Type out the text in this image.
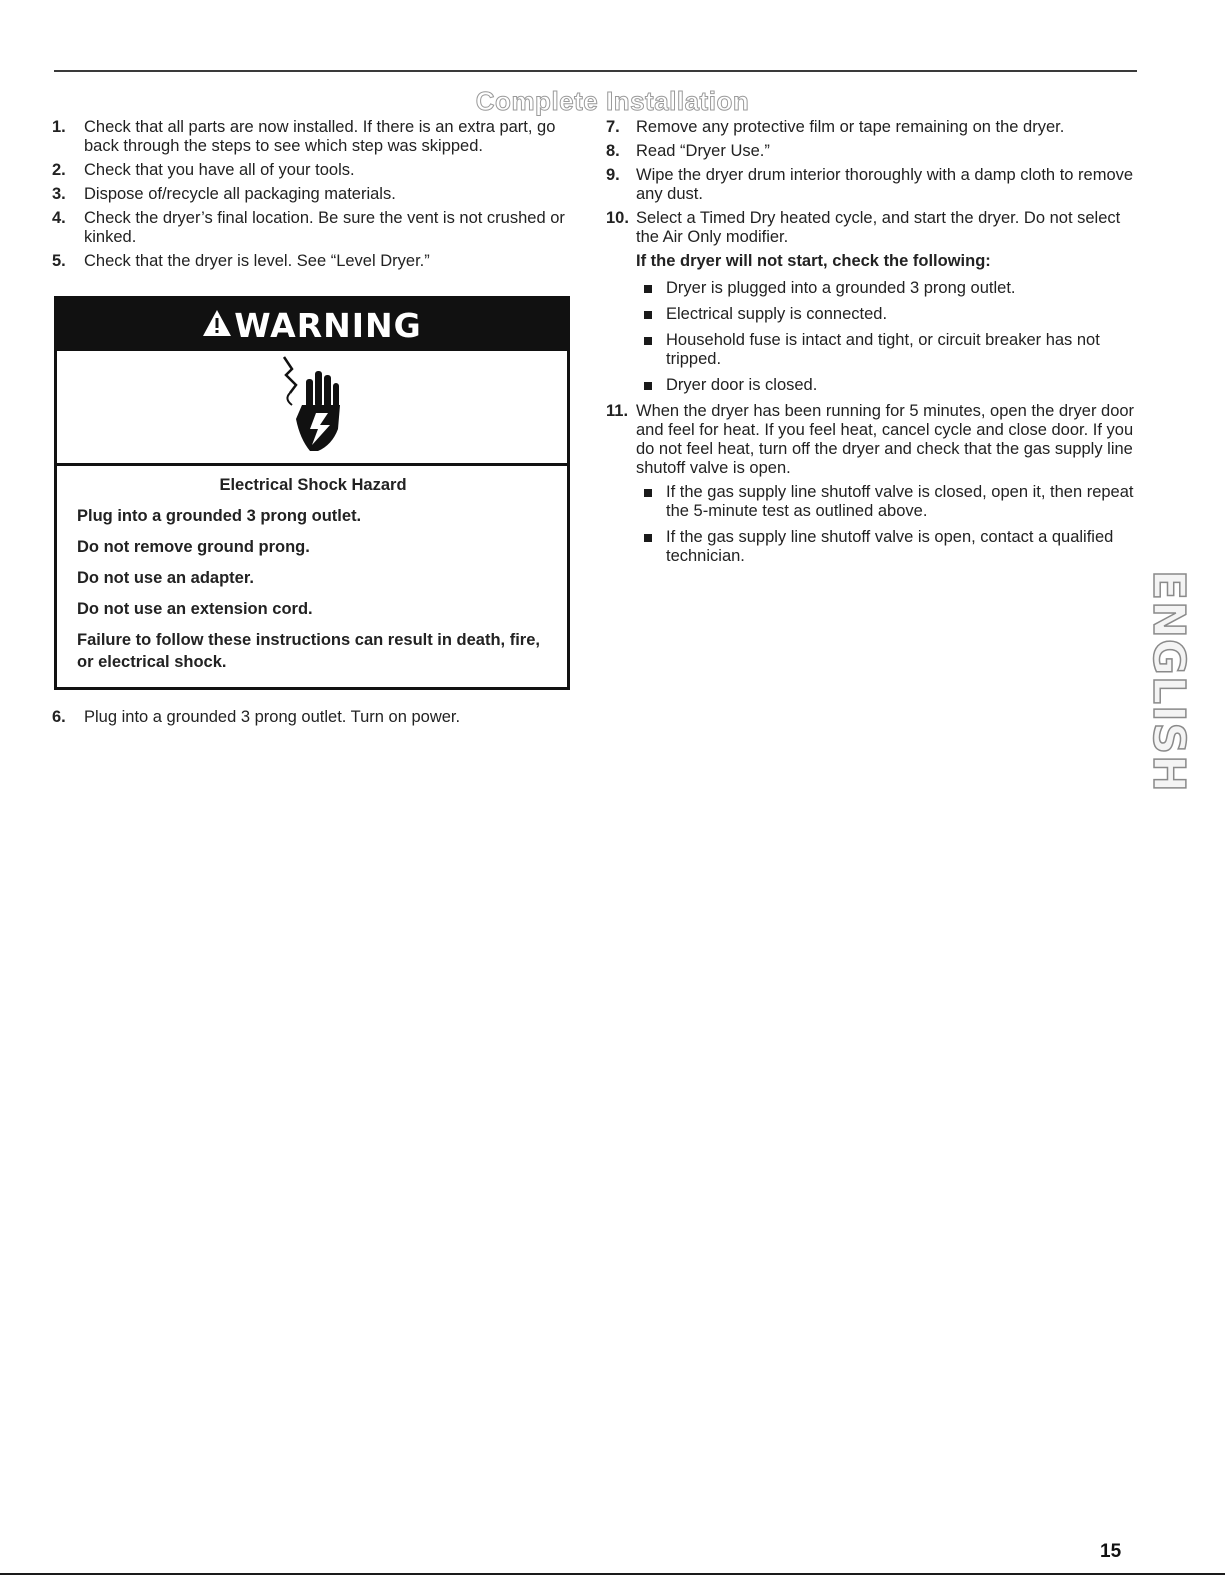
Complete Installation
1. Check that all parts are now installed. If there is an extra part, go back through the steps to see which step was skipped.
2. Check that you have all of your tools.
3. Dispose of/recycle all packaging materials.
4. Check the dryer’s final location. Be sure the vent is not crushed or kinked.
5. Check that the dryer is level. See “Level Dryer.”
WARNING
Electrical Shock Hazard

Plug into a grounded 3 prong outlet.

Do not remove ground prong.

Do not use an adapter.

Do not use an extension cord.

Failure to follow these instructions can result in death, fire, or electrical shock.

6. Plug into a grounded 3 prong outlet. Turn on power.
7. Remove any protective film or tape remaining on the dryer.
8. Read “Dryer Use.”
9. Wipe the dryer drum interior thoroughly with a damp cloth to remove any dust.
10. Select a Timed Dry heated cycle, and start the dryer. Do not select the Air Only modifier.
If the dryer will not start, check the following:
Dryer is plugged into a grounded 3 prong outlet.
Electrical supply is connected.
Household fuse is intact and tight, or circuit breaker has not tripped.
Dryer door is closed.
11. When the dryer has been running for 5 minutes, open the dryer door and feel for heat. If you feel heat, cancel cycle and close door. If you do not feel heat, turn off the dryer and check that the gas supply line shutoff valve is open.
If the gas supply line shutoff valve is closed, open it, then repeat the 5-minute test as outlined above.
If the gas supply line shutoff valve is open, contact a qualified technician.
ENGLISH
15
